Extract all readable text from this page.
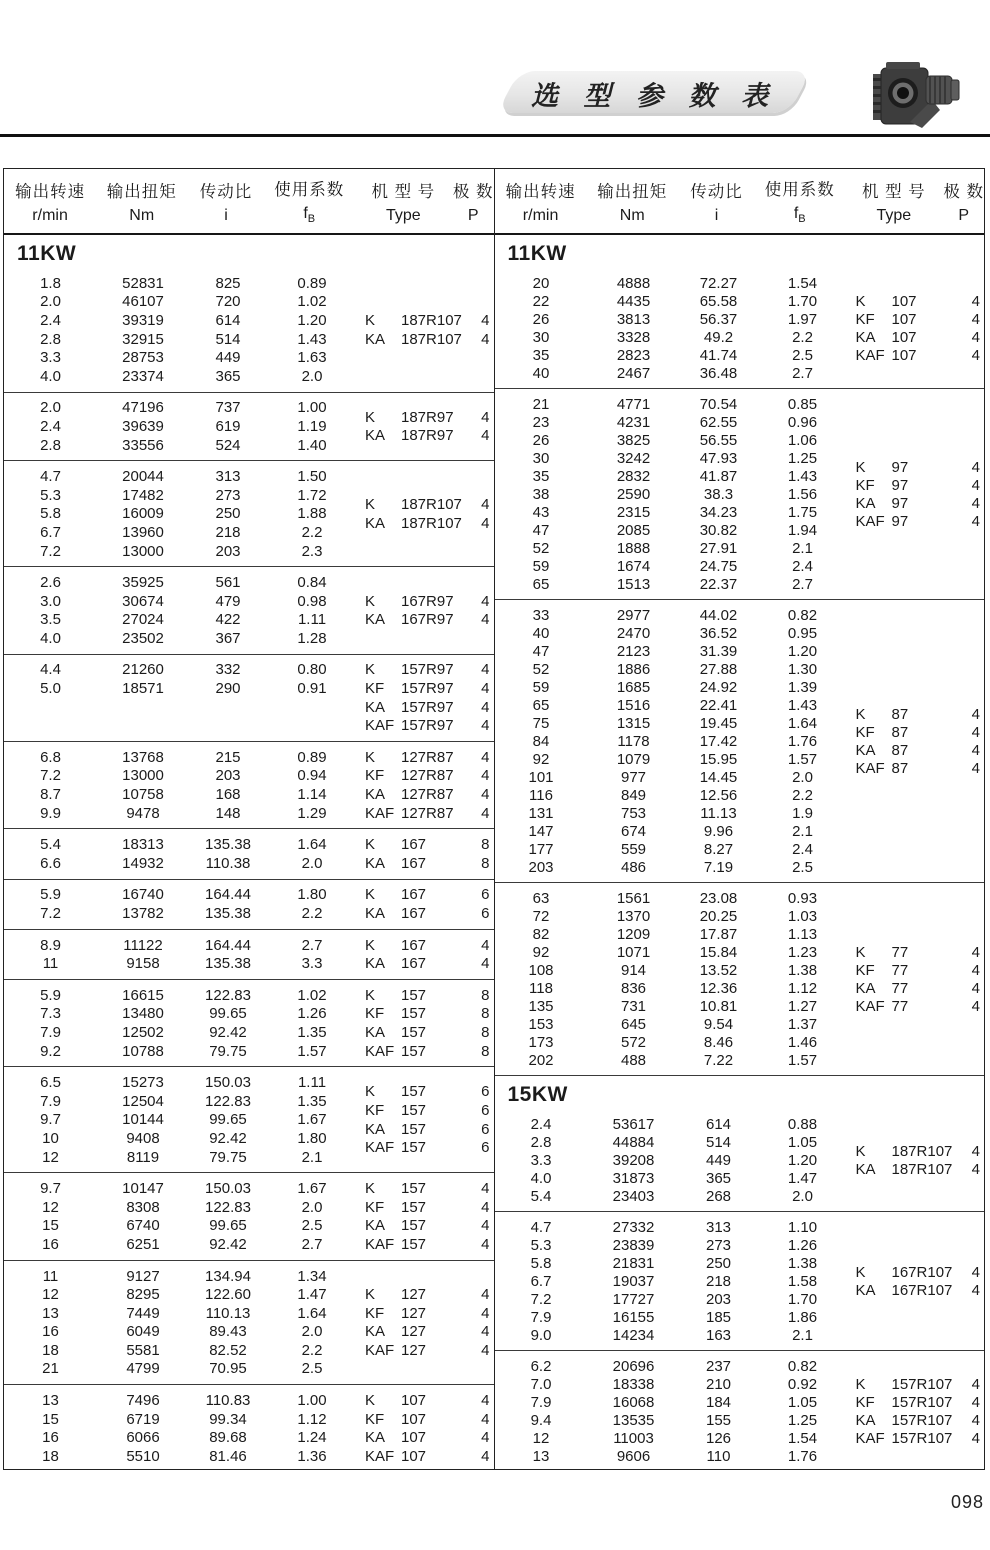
选 型 参 数 表
输出转速
r/min
输出扭矩
Nm
传动比
i
使用系数
$f_B$
机 型 号
Type
极 数
P
11KW
1.8	52831	825	0.89
2.0	46107	720	1.02
2.4	39319	614	1.20
2.8	32915	514	1.43
3.3	28753	449	1.63
4.0	23374	365	2.0
K	187R107	4
KA	187R107	4
2.0	47196	737	1.00
2.4	39639	619	1.19
2.8	33556	524	1.40
K	187R97	4
KA	187R97	4
4.7	20044	313	1.50
5.3	17482	273	1.72
5.8	16009	250	1.88
6.7	13960	218	2.2
7.2	13000	203	2.3
K	187R107	4
KA	187R107	4
2.6	35925	561	0.84
3.0	30674	479	0.98
3.5	27024	422	1.11
4.0	23502	367	1.28
K	167R97	4
KA	167R97	4
4.4	21260	332	0.80
5.0	18571	290	0.91
K	157R97	4
KF	157R97	4
KA	157R97	4
KAF 157R97	4
6.8	13768	215	0.89
7.2	13000	203	0.94
8.7	10758	168	1.14
9.9	9478	148	1.29
K	127R87	4
KF	127R87	4
KA	127R87	4
KAF 127R87	4
5.4	18313	135.38	1.64
6.6	14932	110.38	2.0
K	167	8
KA	167	8
5.9	16740	164.44	1.80
7.2	13782	135.38	2.2
K	167	6
KA	167	6
8.9	11122	164.44	2.7
11	9158	135.38	3.3
K	167	4
KA	167	4
5.9	16615	122.83	1.02
7.3	13480	99.65	1.26
7.9	12502	92.42	1.35
9.2	10788	79.75	1.57
K	157	8
KF	157	8
KA	157	8
KAF 157	8
6.5	15273	150.03	1.11
7.9	12504	122.83	1.35
9.7	10144	99.65	1.67
10	9408	92.42	1.80
12	8119	79.75	2.1
K	157	6
KF	157	6
KA	157	6
KAF 157	6
9.7	10147	150.03	1.67
12	8308	122.83	2.0
15	6740	99.65	2.5
16	6251	92.42	2.7
K	157	4
KF	157	4
KA	157	4
KAF 157	4
11	9127	134.94	1.34
12	8295	122.60	1.47
13	7449	110.13	1.64
16	6049	89.43	2.0
18	5581	82.52	2.2
21	4799	70.95	2.5
K	127	4
KF	127	4
KA	127	4
KAF 127	4
13	7496	110.83	1.00
15	6719	99.34	1.12
16	6066	89.68	1.24
18	5510	81.46	1.36
K	107	4
KF	107	4
KA	107	4
KAF 107	4
输出转速
r/min
输出扭矩
Nm
传动比
i
使用系数
$f_B$
机 型 号
Type
极 数
P
11KW
20	4888	72.27	1.54
22	4435	65.58	1.70
26	3813	56.37	1.97
30	3328	49.2	2.2
35	2823	41.74	2.5
40	2467	36.48	2.7
K	107	4
KF	107	4
KA	107	4
KAF 107	4
21	4771	70.54	0.85
23	4231	62.55	0.96
26	3825	56.55	1.06
30	3242	47.93	1.25
35	2832	41.87	1.43
38	2590	38.3	1.56
43	2315	34.23	1.75
47	2085	30.82	1.94
52	1888	27.91	2.1
59	1674	24.75	2.4
65	1513	22.37	2.7
K	97	4
KF	97	4
KA	97	4
KAF 97	4
33	2977	44.02	0.82
40	2470	36.52	0.95
47	2123	31.39	1.20
52	1886	27.88	1.30
59	1685	24.92	1.39
65	1516	22.41	1.43
75	1315	19.45	1.64
84	1178	17.42	1.76
92	1079	15.95	1.57
101	977	14.45	2.0
116	849	12.56	2.2
131	753	11.13	1.9
147	674	9.96	2.1
177	559	8.27	2.4
203	486	7.19	2.5
K	87	4
KF	87	4
KA	87	4
KAF 87	4
63	1561	23.08	0.93
72	1370	20.25	1.03
82	1209	17.87	1.13
92	1071	15.84	1.23
108	914	13.52	1.38
118	836	12.36	1.12
135	731	10.81	1.27
153	645	9.54	1.37
173	572	8.46	1.46
202	488	7.22	1.57
K	77	4
KF	77	4
KA	77	4
KAF 77	4
15KW
2.4	53617	614	0.88
2.8	44884	514	1.05
3.3	39208	449	1.20
4.0	31873	365	1.47
5.4	23403	268	2.0
K	187R107	4
KA	187R107	4
4.7	27332	313	1.10
5.3	23839	273	1.26
5.8	21831	250	1.38
6.7	19037	218	1.58
7.2	17727	203	1.70
7.9	16155	185	1.86
9.0	14234	163	2.1
K	167R107	4
KA	167R107	4
6.2	20696	237	0.82
7.0	18338	210	0.92
7.9	16068	184	1.05
9.4	13535	155	1.25
12	11003	126	1.54
13	9606	110	1.76
K	157R107	4
KF	157R107	4
KA	157R107	4
KAF 157R107	4
098
